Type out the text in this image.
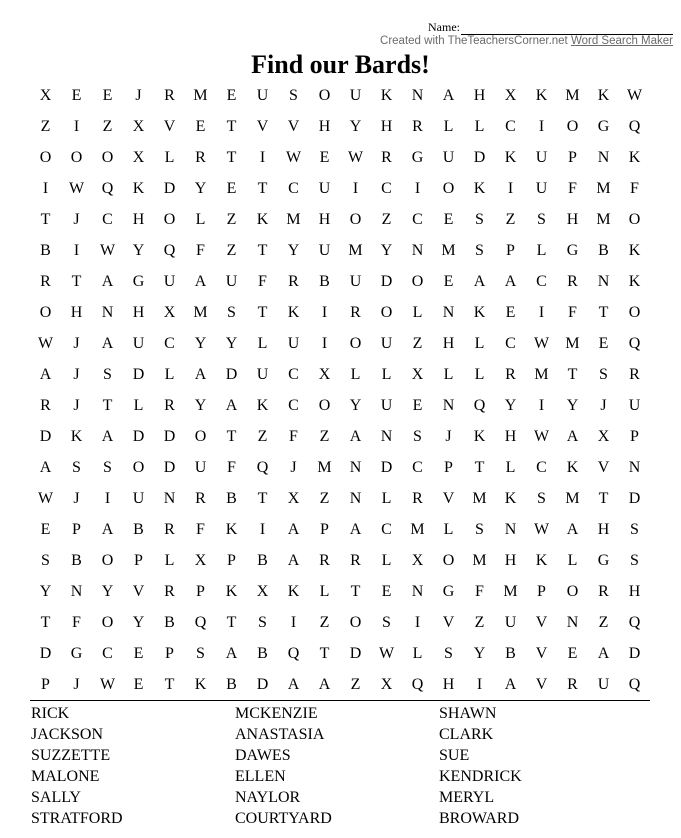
Name:
Created with TheTeachersCorner.net Word Search Maker
Find our Bards!
X	E	E	J	R	M	E	U	S	O	U	K	N	A	H	X	K	M	K	W
Z	I	Z	X	V	E	T	V	V	H	Y	H	R	L	L	C	I	O	G	Q
O	O	O	X	L	R	T	I	W	E	W	R	G	U	D	K	U	P	N	K
I	W	Q	K	D	Y	E	T	C	U	I	C	I	O	K	I	U	F	M	F
T	J	C	H	O	L	Z	K	M	H	O	Z	C	E	S	Z	S	H	M	O
B	I	W	Y	Q	F	Z	T	Y	U	M	Y	N	M	S	P	L	G	B	K
R	T	A	G	U	A	U	F	R	B	U	D	O	E	A	A	C	R	N	K
O	H	N	H	X	M	S	T	K	I	R	O	L	N	K	E	I	F	T	O
W	J	A	U	C	Y	Y	L	U	I	O	U	Z	H	L	C	W	M	E	Q
A	J	S	D	L	A	D	U	C	X	L	L	X	L	L	R	M	T	S	R
R	J	T	L	R	Y	A	K	C	O	Y	U	E	N	Q	Y	I	Y	J	U
D	K	A	D	D	O	T	Z	F	Z	A	N	S	J	K	H	W	A	X	P
A	S	S	O	D	U	F	Q	J	M	N	D	C	P	T	L	C	K	V	N
W	J	I	U	N	R	B	T	X	Z	N	L	R	V	M	K	S	M	T	D
E	P	A	B	R	F	K	I	A	P	A	C	M	L	S	N	W	A	H	S
S	B	O	P	L	X	P	B	A	R	R	L	X	O	M	H	K	L	G	S
Y	N	Y	V	R	P	K	X	K	L	T	E	N	G	F	M	P	O	R	H
T	F	O	Y	B	Q	T	S	I	Z	O	S	I	V	Z	U	V	N	Z	Q
D	G	C	E	P	S	A	B	Q	T	D	W	L	S	Y	B	V	E	A	D
P	J	W	E	T	K	B	D	A	A	Z	X	Q	H	I	A	V	R	U	Q
RICK	MCKENZIE	SHAWN
JACKSON	ANASTASIA	CLARK
SUZZETTE	DAWES	SUE
MALONE	ELLEN	KENDRICK
SALLY	NAYLOR	MERYL
STRATFORD	COURTYARD	BROWARD
